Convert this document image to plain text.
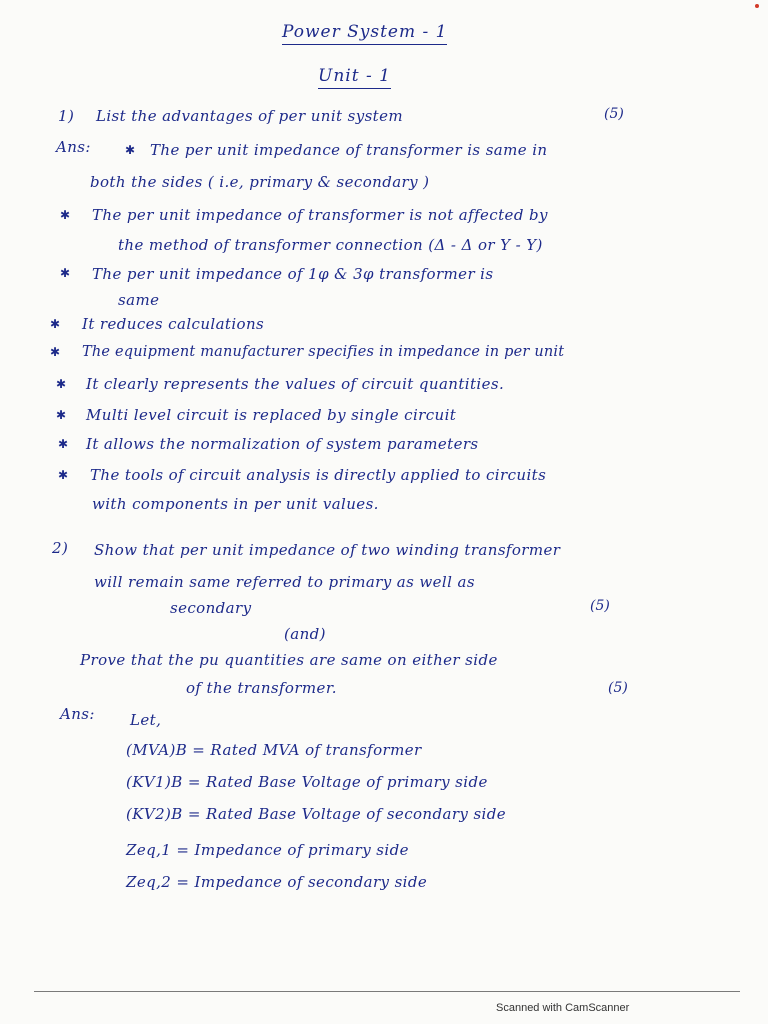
Power System - 1
Unit - 1
1) List the advantages of per unit system	(5)
Ans:	✱ The per unit impedance of transformer is same in
both the sides ( i.e, primary & secondary )
✱ The per unit impedance of transformer is not affected by
the method of transformer connection (Δ - Δ or Y - Y)
✱ The per unit impedance of 1φ & 3φ transformer is
same
✱ It reduces calculations
✱ The equipment manufacturer specifies in impedance in per unit
✱ It clearly represents the values of circuit quantities.
✱ Multi level circuit is replaced by single circuit
✱ It allows the normalization of system parameters
✱ The tools of circuit analysis is directly applied to circuits
with components in per unit values.
2) Show that per unit impedance of two winding transformer
will remain same referred to primary as well as
secondary	(5)
(and)
Prove that the pu quantities are same on either side
of the transformer.	(5)
Ans: Let,
(MVA)B = Rated MVA of transformer
(KV1)B = Rated Base Voltage of primary side
(KV2)B = Rated Base Voltage of secondary side
Zeq,1 = Impedance of primary side
Zeq,2 = Impedance of secondary side
Scanned with CamScanner
